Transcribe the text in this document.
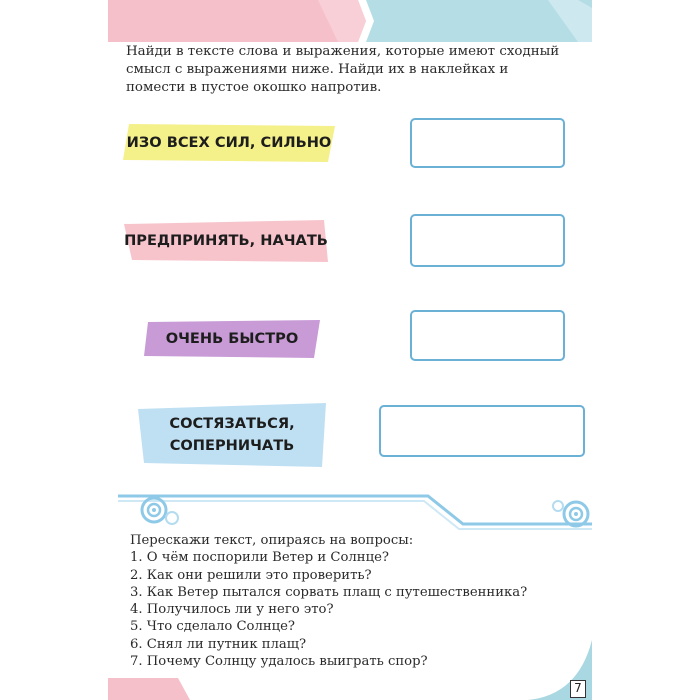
Найди в тексте слова и выражения, которые имеют сходный смысл с выражениями ниже. Найди их в наклейках и помести в пустое окошко напротив.
ИЗО ВСЕХ СИЛ, СИЛЬНО
ПРЕДПРИНЯТЬ, НАЧАТЬ
ОЧЕНЬ БЫСТРО
СОСТЯЗАТЬСЯ,
СОПЕРНИЧАТЬ
Перескажи текст, опираясь на вопросы:
1. О чём поспорили Ветер и Солнце?
2. Как они решили это проверить?
3. Как Ветер пытался сорвать плащ с путешественника?
4. Получилось ли у него это?
5. Что сделало Солнце?
6. Снял ли путник плащ?
7. Почему Солнцу удалось выиграть спор?
7
